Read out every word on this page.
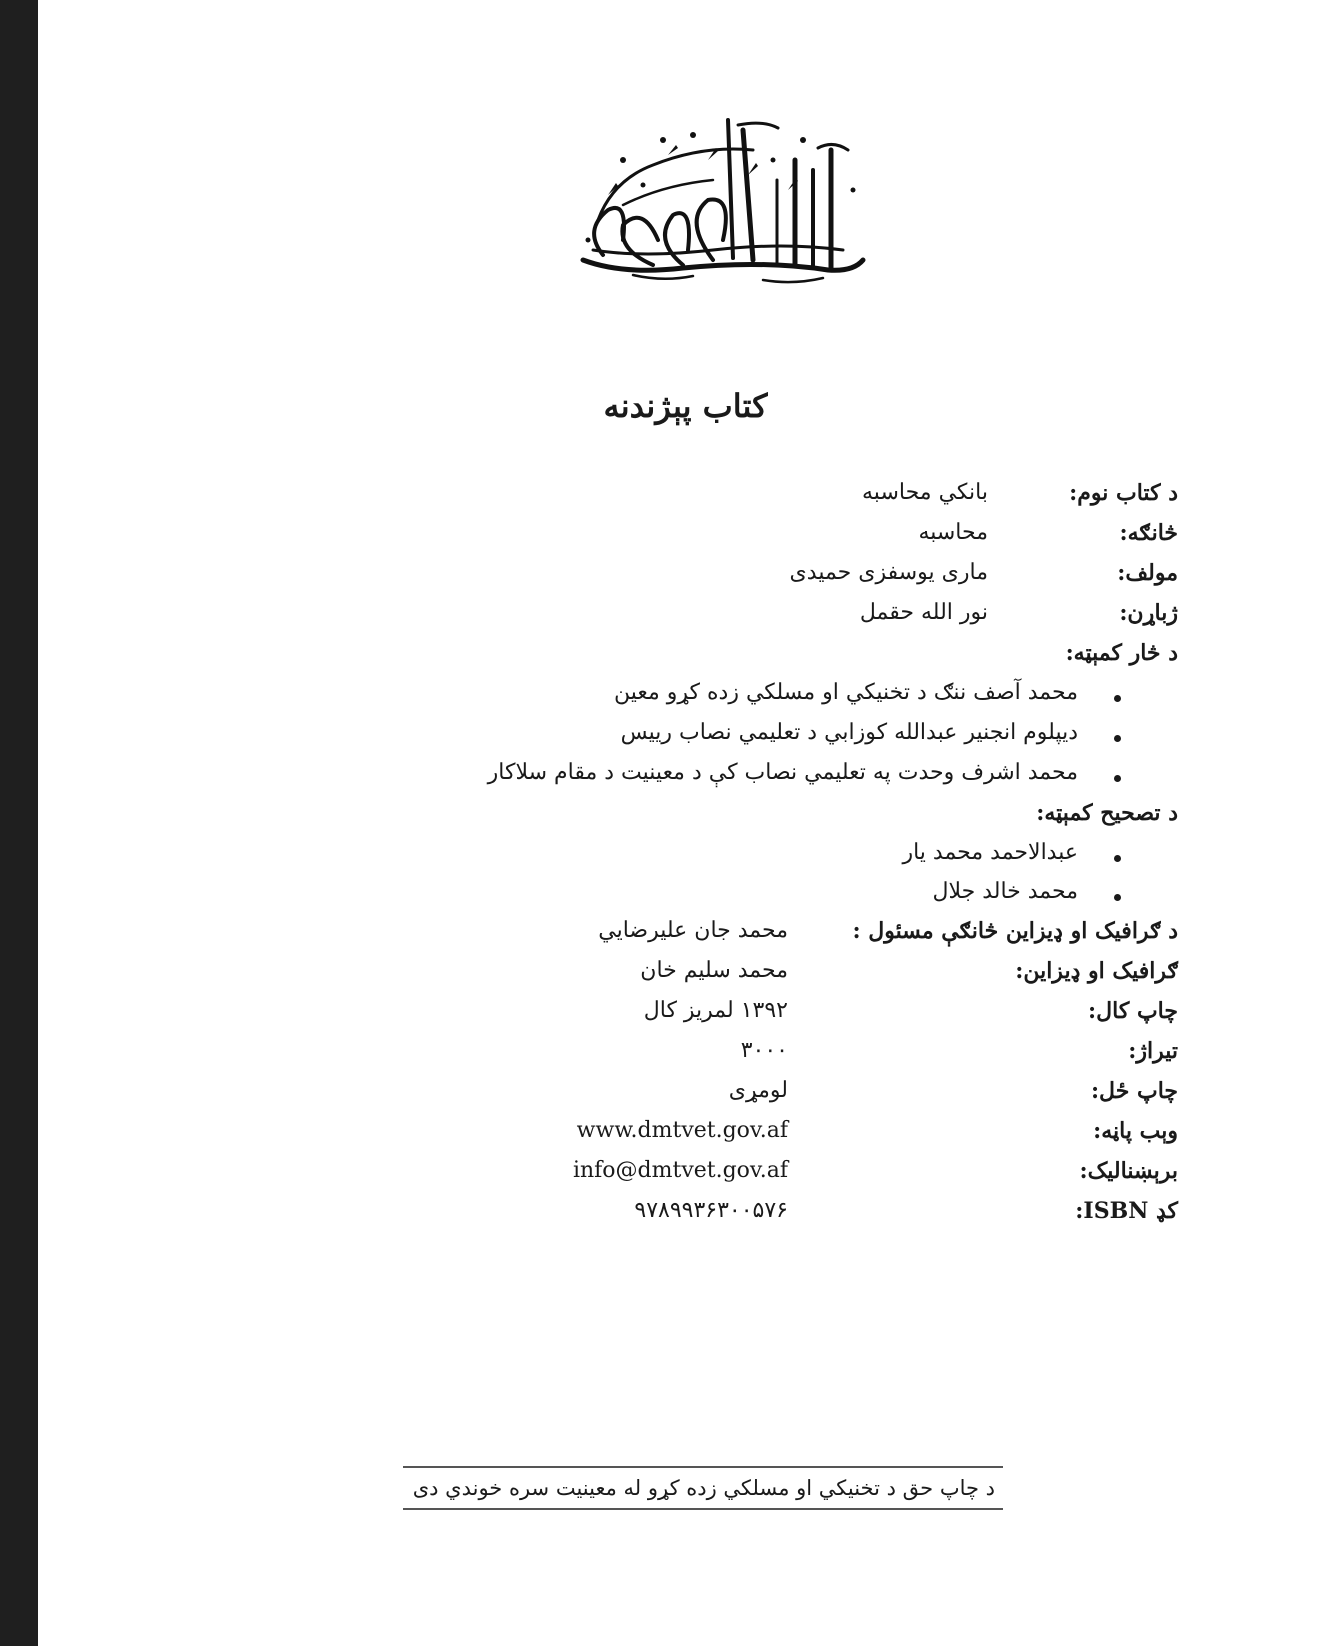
کتاب پېژندنه
د کتاب نوم:
بانکي محاسبه
څانګه:
محاسبه
مولف:
ماری یوسفزی حمیدی
ژباړن:
نور الله حقمل
د څار کمېټه:
محمد آصف ننګ د تخنیکي او مسلکي زده کړو معین
دیپلوم انجنیر عبدالله کوزابي د تعلیمي نصاب رییس
محمد اشرف وحدت په تعلیمي نصاب کې د معینیت د مقام سلاکار
د تصحیح کمېټه:
عبدالاحمد محمد یار
محمد خالد جلال
د ګرافیک او ډیزاین څانګې مسئول :
محمد جان علیرضایي
ګرافیک او ډیزاین:
محمد سلیم خان
چاپ کال:
۱۳۹۲ لمریز کال
تیراژ:
۳۰۰۰
چاپ ځل:
لومړی
وېب پاڼه:
www.dmtvet.gov.af
برېښنالیک:
info@dmtvet.gov.af
کډ ISBN:
۹۷۸۹۹۳۶۳۰۰۵۷۶
د چاپ حق د تخنیکي او مسلکي زده کړو له معینیت سره خوندي دی
